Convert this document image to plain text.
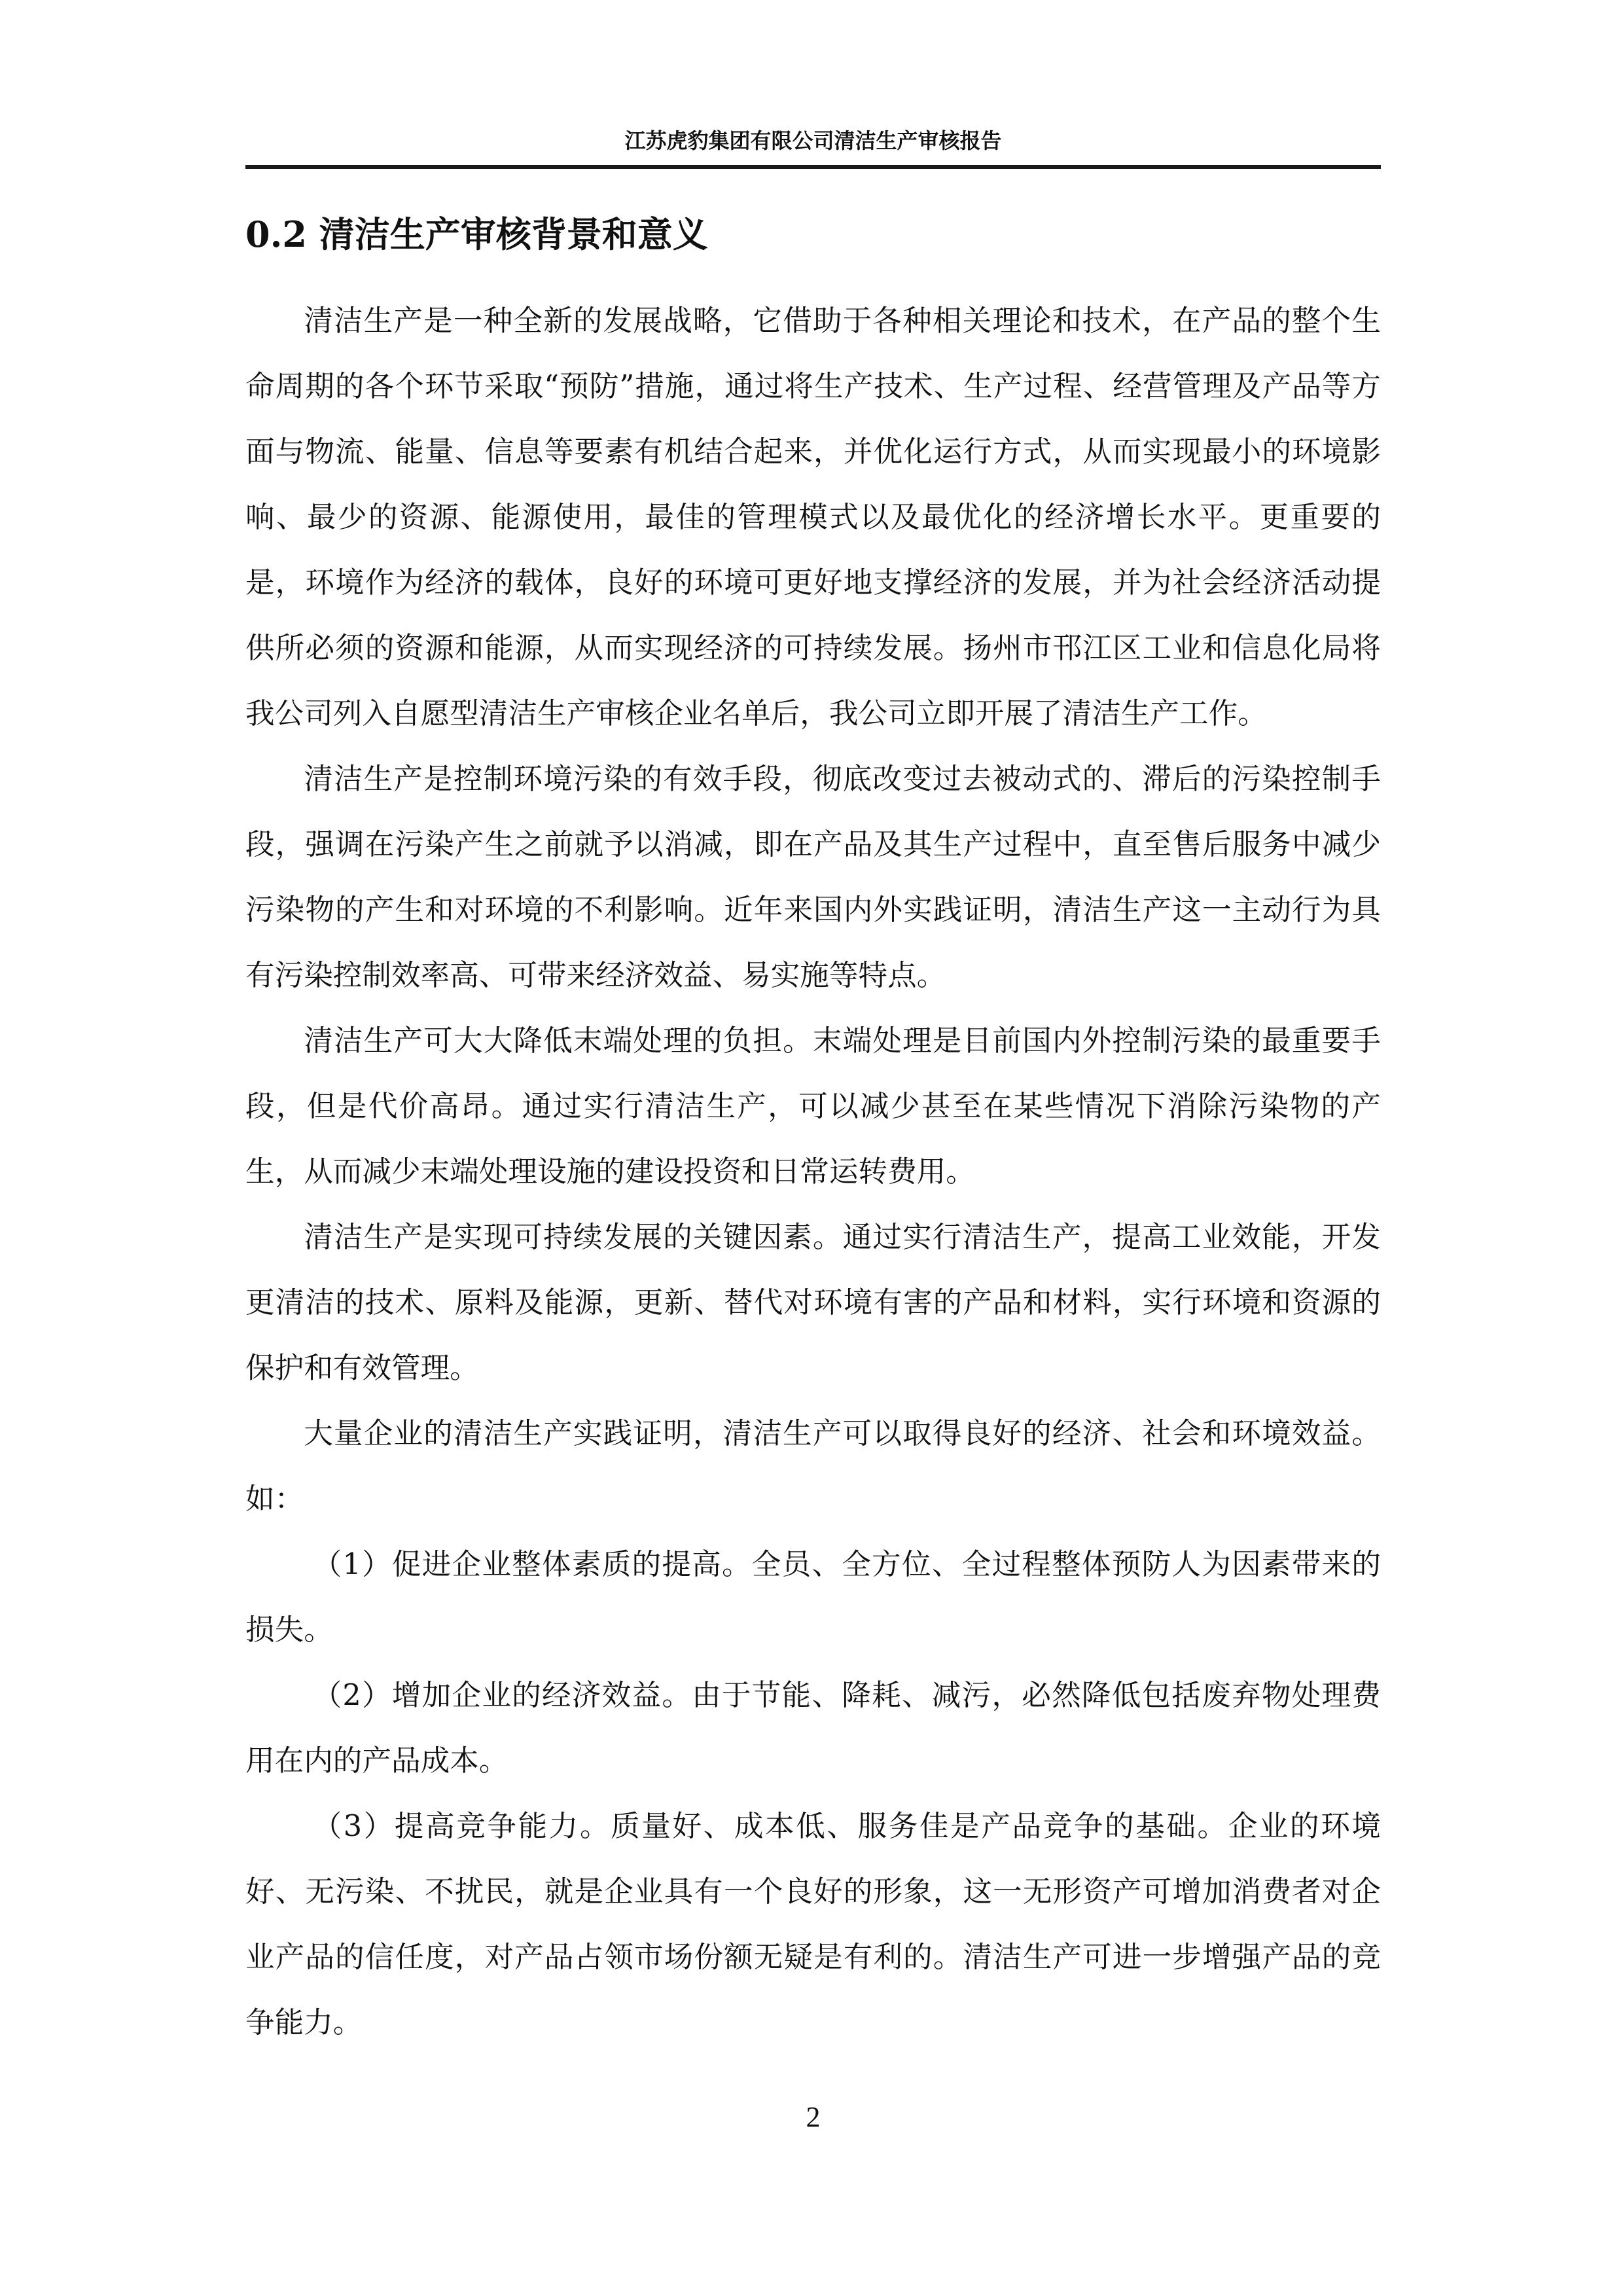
江苏虎豹集团有限公司清洁生产审核报告
0.2 清洁生产审核背景和意义

清洁生产是一种全新的发展战略，它借助于各种相关理论和技术，在产品的整个生命周期的各个环节采取“预防”措施，通过将生产技术、生产过程、经营管理及产品等方面与物流、能量、信息等要素有机结合起来，并优化运行方式，从而实现最小的环境影响、最少的资源、能源使用，最佳的管理模式以及最优化的经济增长水平。更重要的是，环境作为经济的载体，良好的环境可更好地支撑经济的发展，并为社会经济活动提供所必须的资源和能源，从而实现经济的可持续发展。扬州市邗江区工业和信息化局将我公司列入自愿型清洁生产审核企业名单后，我公司立即开展了清洁生产工作。

清洁生产是控制环境污染的有效手段，彻底改变过去被动式的、滞后的污染控制手段，强调在污染产生之前就予以消减，即在产品及其生产过程中，直至售后服务中减少污染物的产生和对环境的不利影响。近年来国内外实践证明，清洁生产这一主动行为具有污染控制效率高、可带来经济效益、易实施等特点。

清洁生产可大大降低末端处理的负担。末端处理是目前国内外控制污染的最重要手段，但是代价高昂。通过实行清洁生产，可以减少甚至在某些情况下消除污染物的产生，从而减少末端处理设施的建设投资和日常运转费用。

清洁生产是实现可持续发展的关键因素。通过实行清洁生产，提高工业效能，开发更清洁的技术、原料及能源，更新、替代对环境有害的产品和材料，实行环境和资源的保护和有效管理。

大量企业的清洁生产实践证明，清洁生产可以取得良好的经济、社会和环境效益。如：

（1）促进企业整体素质的提高。全员、全方位、全过程整体预防人为因素带来的损失。

（2）增加企业的经济效益。由于节能、降耗、减污，必然降低包括废弃物处理费用在内的产品成本。

（3）提高竞争能力。质量好、成本低、服务佳是产品竞争的基础。企业的环境好、无污染、不扰民，就是企业具有一个良好的形象，这一无形资产可增加消费者对企业产品的信任度，对产品占领市场份额无疑是有利的。清洁生产可进一步增强产品的竞争能力。

2
